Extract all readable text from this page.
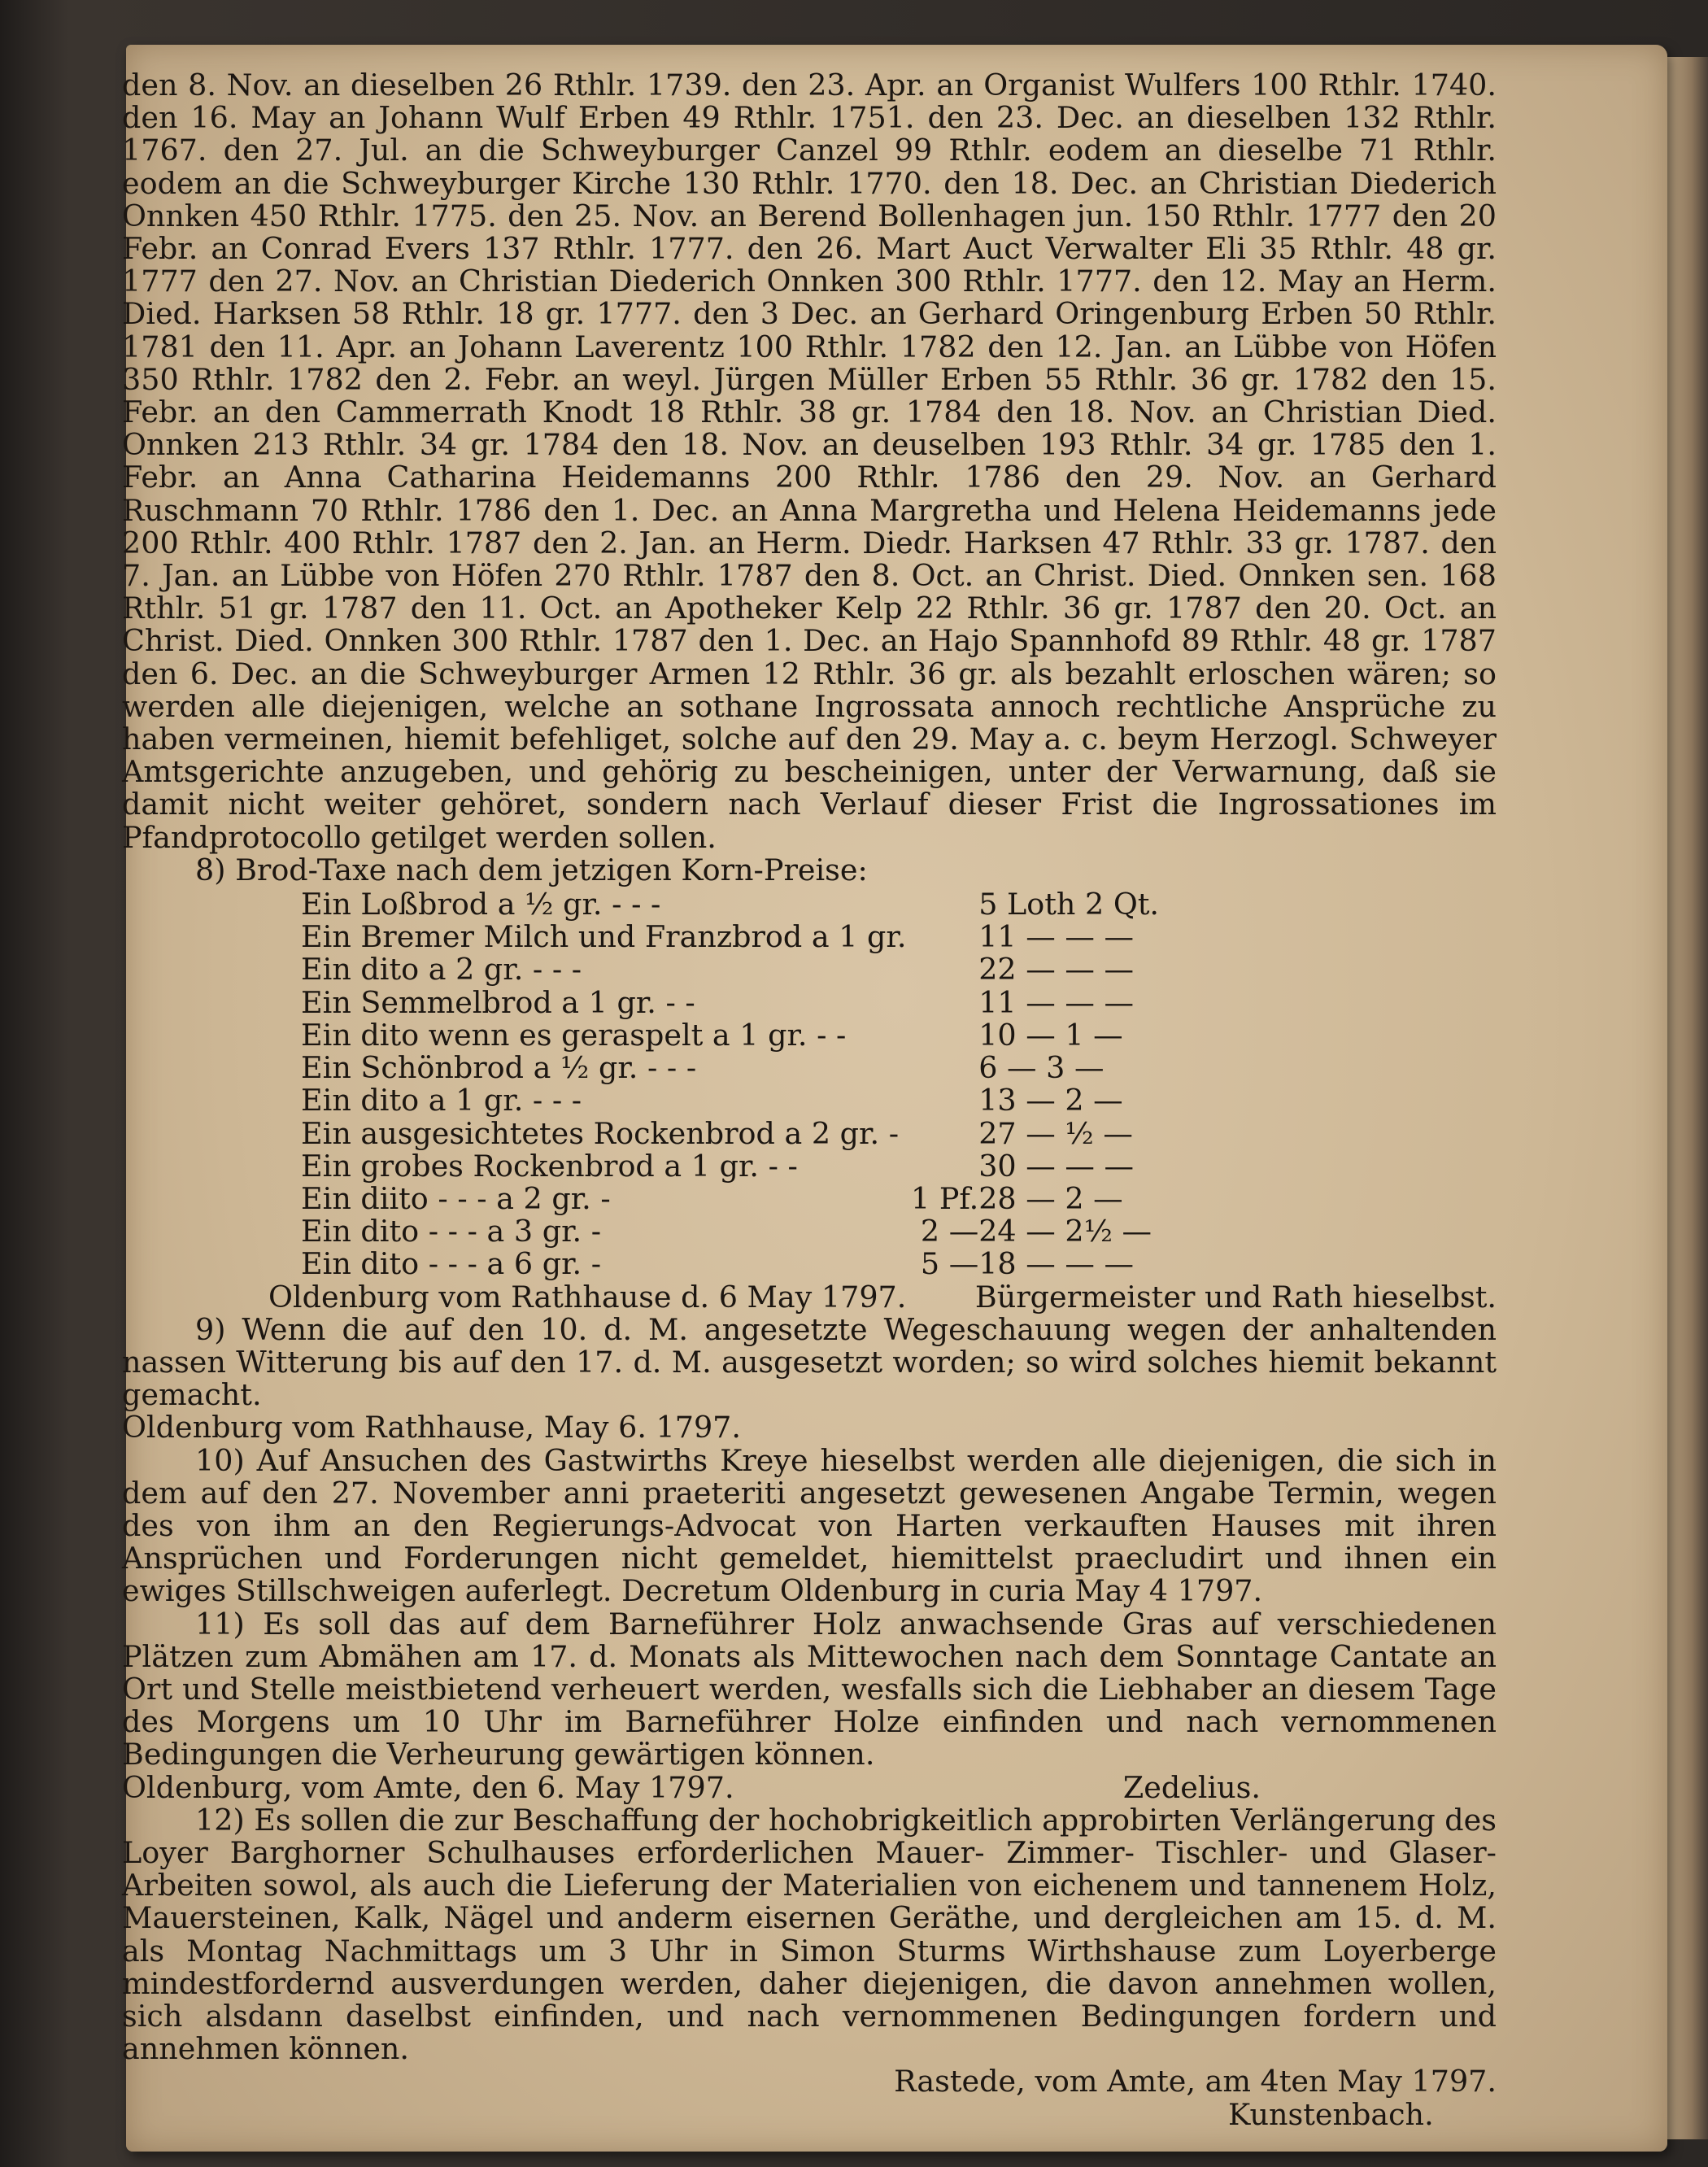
den 8. Nov. an dieselben 26 Rthlr. 1739. den 23. Apr. an Organist Wulfers 100 Rthlr. 1740. den 16. May an Johann Wulf Erben 49 Rthlr. 1751. den 23. Dec. an dieselben 132 Rthlr. 1767. den 27. Jul. an die Schweyburger Canzel 99 Rthlr. eodem an dieselbe 71 Rthlr. eodem an die Schweyburger Kirche 130 Rthlr. 1770. den 18. Dec. an Christian Diederich Onnken 450 Rthlr. 1775. den 25. Nov. an Berend Bollenhagen jun. 150 Rthlr. 1777 den 20 Febr. an Conrad Evers 137 Rthlr. 1777. den 26. Mart Auct Verwalter Eli 35 Rthlr. 48 gr. 1777 den 27. Nov. an Christian Diederich Onnken 300 Rthlr. 1777. den 12. May an Herm. Died. Harksen 58 Rthlr. 18 gr. 1777. den 3 Dec. an Gerhard Oringenburg Erben 50 Rthlr. 1781 den 11. Apr. an Johann Laverentz 100 Rthlr. 1782 den 12. Jan. an Lübbe von Höfen 350 Rthlr. 1782 den 2. Febr. an weyl. Jürgen Müller Erben 55 Rthlr. 36 gr. 1782 den 15. Febr. an den Cammerrath Knodt 18 Rthlr. 38 gr. 1784 den 18. Nov. an Christian Died. Onnken 213 Rthlr. 34 gr. 1784 den 18. Nov. an deuselben 193 Rthlr. 34 gr. 1785 den 1. Febr. an Anna Catharina Heidemanns 200 Rthlr. 1786 den 29. Nov. an Gerhard Ruschmann 70 Rthlr. 1786 den 1. Dec. an Anna Margretha und Helena Heidemanns jede 200 Rthlr. 400 Rthlr. 1787 den 2. Jan. an Herm. Diedr. Harksen 47 Rthlr. 33 gr. 1787. den 7. Jan. an Lübbe von Höfen 270 Rthlr. 1787 den 8. Oct. an Christ. Died. Onnken sen. 168 Rthlr. 51 gr. 1787 den 11. Oct. an Apotheker Kelp 22 Rthlr. 36 gr. 1787 den 20. Oct. an Christ. Died. Onnken 300 Rthlr. 1787 den 1. Dec. an Hajo Spannhofd 89 Rthlr. 48 gr. 1787 den 6. Dec. an die Schweyburger Armen 12 Rthlr. 36 gr. als bezahlt erloschen wären; so werden alle diejenigen, welche an sothane Ingrossata annoch rechtliche Ansprüche zu haben vermeinen, hiemit befehliget, solche auf den 29. May a. c. beym Herzogl. Schweyer Amtsgerichte anzugeben, und gehörig zu bescheinigen, unter der Verwarnung, daß sie damit nicht weiter gehöret, sondern nach Verlauf dieser Frist die Ingrossationes im Pfandprotocollo getilget werden sollen.

8) Brod-Taxe nach dem jetzigen Korn-Preise:

Ein Loßbrod a ½ gr. - - -		5 Loth 2 Qt.
Ein Bremer Milch und Franzbrod a 1 gr.		11 — — —
Ein dito a 2 gr. - - -		22 — — —
Ein Semmelbrod a 1 gr. - -		11 — — —
Ein dito wenn es geraspelt a 1 gr. - -		10 — 1 —
Ein Schönbrod a ½ gr. - - -		6 — 3 —
Ein dito a 1 gr. - - -		13 — 2 —
Ein ausgesichtetes Rockenbrod a 2 gr. -		27 — ½ —
Ein grobes Rockenbrod a 1 gr. - -		30 — — —
Ein diito - - - a 2 gr. -	1 Pf.	28 — 2 —
Ein dito - - - a 3 gr. -	2 —	24 — 2½ —
Ein dito - - - a 6 gr. -	5 —	18 — — —
Oldenburg vom Rathhause d. 6 May 1797. Bürgermeister und Rath hieselbst.

9) Wenn die auf den 10. d. M. angesetzte Wegeschauung wegen der anhaltenden nassen Witterung bis auf den 17. d. M. ausgesetzt worden; so wird solches hiemit bekannt gemacht.

Oldenburg vom Rathhause, May 6. 1797.

10) Auf Ansuchen des Gastwirths Kreye hieselbst werden alle diejenigen, die sich in dem auf den 27. November anni praeteriti angesetzt gewesenen Angabe Termin, wegen des von ihm an den Regierungs-Advocat von Harten verkauften Hauses mit ihren Ansprüchen und Forderungen nicht gemeldet, hiemittelst praecludirt und ihnen ein ewiges Stillschweigen auferlegt. Decretum Oldenburg in curia May 4 1797.

11) Es soll das auf dem Barneführer Holz anwachsende Gras auf verschiedenen Plätzen zum Abmähen am 17. d. Monats als Mittewochen nach dem Sonntage Cantate an Ort und Stelle meistbietend verheuert werden, wesfalls sich die Liebhaber an diesem Tage des Morgens um 10 Uhr im Barneführer Holze einfinden und nach vernommenen Bedingungen die Verheurung gewärtigen können.

Oldenburg, vom Amte, den 6. May 1797.	Zedelius.

12) Es sollen die zur Beschaffung der hochobrigkeitlich approbirten Verlängerung des Loyer Barghorner Schulhauses erforderlichen Mauer- Zimmer- Tischler- und Glaser-Arbeiten sowol, als auch die Lieferung der Materialien von eichenem und tannenem Holz, Mauersteinen, Kalk, Nägel und anderm eisernen Geräthe, und dergleichen am 15. d. M. als Montag Nachmittags um 3 Uhr in Simon Sturms Wirthshause zum Loyerberge mindestfordernd ausverdungen werden, daher diejenigen, die davon annehmen wollen, sich alsdann daselbst einfinden, und nach vernommenen Bedingungen fordern und annehmen können.

Rastede, vom Amte, am 4ten May 1797.

Kunstenbach.
